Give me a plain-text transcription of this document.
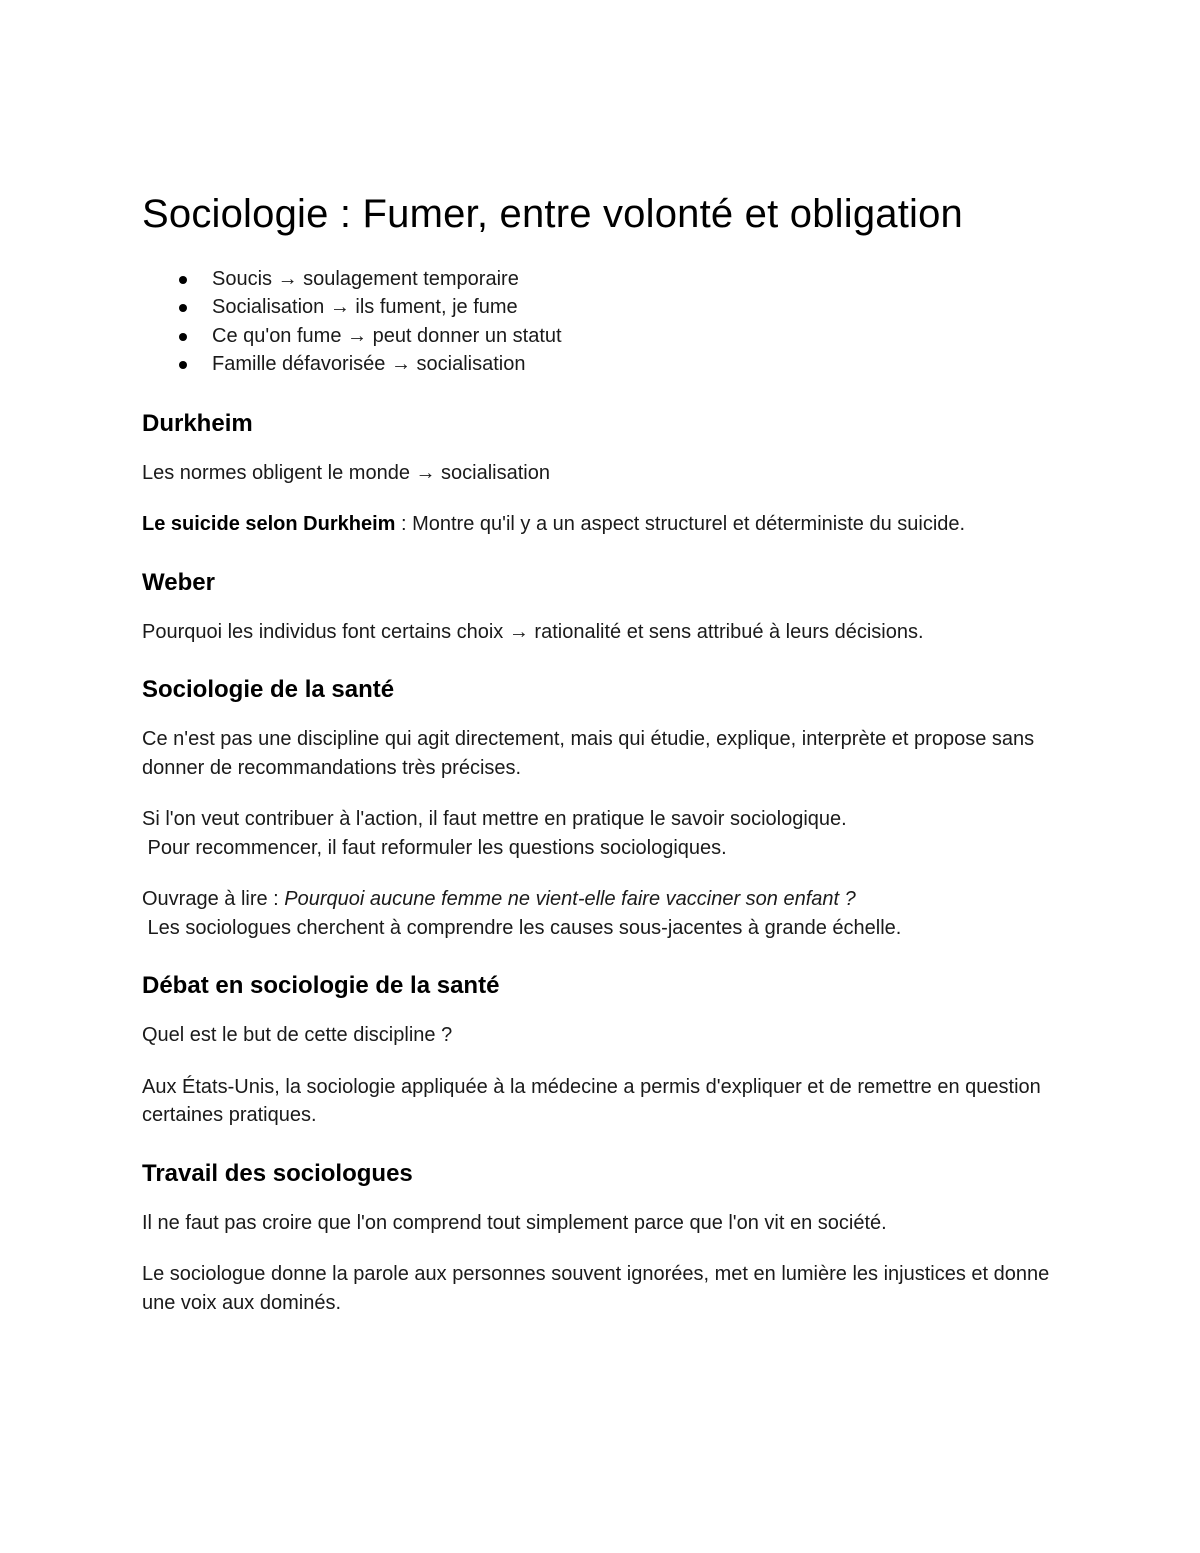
Sociologie : Fumer, entre volonté et obligation
Soucis → soulagement temporaire
Socialisation → ils fument, je fume
Ce qu'on fume → peut donner un statut
Famille défavorisée → socialisation
Durkheim

Les normes obligent le monde → socialisation

Le suicide selon Durkheim : Montre qu'il y a un aspect structurel et déterministe du suicide.

Weber

Pourquoi les individus font certains choix → rationalité et sens attribué à leurs décisions.

Sociologie de la santé

Ce n'est pas une discipline qui agit directement, mais qui étudie, explique, interprète et propose sans donner de recommandations très précises.

Si l'on veut contribuer à l'action, il faut mettre en pratique le savoir sociologique.
Pour recommencer, il faut reformuler les questions sociologiques.

Ouvrage à lire : Pourquoi aucune femme ne vient-elle faire vacciner son enfant ?
Les sociologues cherchent à comprendre les causes sous-jacentes à grande échelle.

Débat en sociologie de la santé

Quel est le but de cette discipline ?

Aux États-Unis, la sociologie appliquée à la médecine a permis d'expliquer et de remettre en question certaines pratiques.

Travail des sociologues

Il ne faut pas croire que l'on comprend tout simplement parce que l'on vit en société.

Le sociologue donne la parole aux personnes souvent ignorées, met en lumière les injustices et donne une voix aux dominés.
